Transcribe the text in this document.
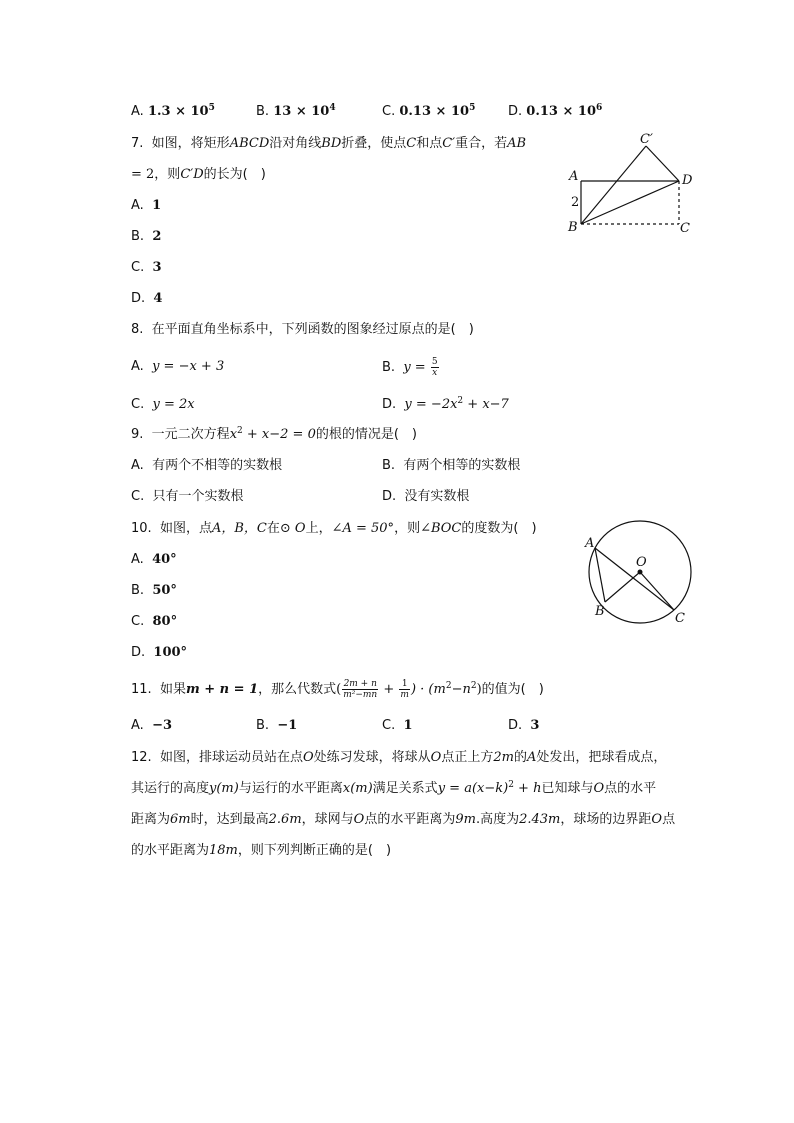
A. $1.3 \times 10^5$	B. $13 \times 10^4$	C. $0.13 \times 10^5$	D. $0.13 \times 10^6$
7. 如图，将矩形ABCD沿对角线BD折叠，使点C和点C′重合，若AB
= 2，则C′D的长为(　)
A. 1
B. 2
C. 3
D. 4
A
B	C
D
C′
2
8. 在平面直角坐标系中，下列函数的图象经过原点的是(　)
A. y = −x + 3	B. $y = \frac{5}{x}$
C. y = 2x	D. $y = -2x^2 + x-7$
9. 一元二次方程$x^2 + x-2 = 0$的根的情况是(　)
A. 有两个不相等的实数根	B. 有两个相等的实数根
C. 只有一个实数根	D. 没有实数根
10. 如图，点A，B，C在⊙ O上，∠A = 50°，则∠BOC的度数为(　)
A. 40°
B. 50°
C. 80°
D. 100°
A
B	C
O
11. 如果m + n = 1，那么代数式( $\frac{2m + n}{\text{m²−mn}} + \frac{1}{m}$ ) · $(m^2-n^2)$的值为(　)
A. −3	B. −1	C. 1	D. 3
12. 如图，排球运动员站在点O处练习发球，将球从O点正上方2m的A处发出，把球看成点，
其运行的高度y(m)与运行的水平距离x(m)满足关系式$y = a(x-k)^2 + h$已知球与O点的水平
距离为6m时，达到最高2.6m，球网与O点的水平距离为9m.高度为2.43m，球场的边界距O点
的水平距离为18m，则下列判断正确的是(　)
